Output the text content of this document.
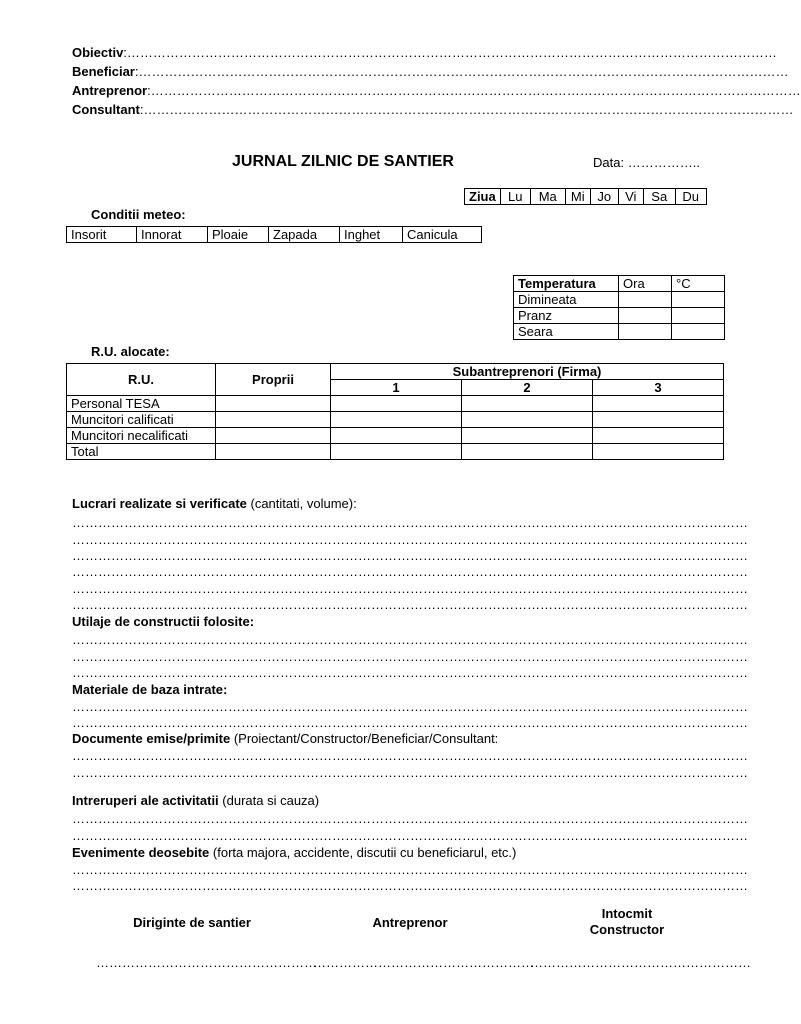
Obiectiv:……………………………………………………………………………………………………………………………………
Beneficiar:……………………………………………………………………………………………………………………………………
Antreprenor:……………………………………………………………………………………………………………………………………
Consultant:……………………………………………………………………………………………………………………………………
JURNAL ZILNIC DE SANTIER	Data: ……………..
Ziua	Lu	Ma	Mi	Jo	Vi	Sa	Du
Conditii meteo:
Insorit	Innorat	Ploaie	Zapada	Inghet	Canicula
Temperatura	Ora	°C
Dimineata		
Pranz		
Seara		
R.U. alocate:
R.U.	Proprii	Subantreprenori (Firma)		
		1	2	3
Personal TESA				
Muncitori calificati				
Muncitori necalificati				
Total				
Lucrari realizate si verificate (cantitati, volume):
…………………………………………………………………………………………………………………………………………
…………………………………………………………………………………………………………………………………………
…………………………………………………………………………………………………………………………………………
…………………………………………………………………………………………………………………………………………
…………………………………………………………………………………………………………………………………………
…………………………………………………………………………………………………………………………………………
Utilaje de constructii folosite:
…………………………………………………………………………………………………………………………………………
…………………………………………………………………………………………………………………………………………
…………………………………………………………………………………………………………………………………………
Materiale de baza intrate:
…………………………………………………………………………………………………………………………………………
…………………………………………………………………………………………………………………………………………
Documente emise/primite (Proiectant/Constructor/Beneficiar/Consultant:
…………………………………………………………………………………………………………………………………………
…………………………………………………………………………………………………………………………………………
Intreruperi ale activitatii (durata si cauza)
…………………………………………………………………………………………………………………………………………
…………………………………………………………………………………………………………………………………………
Evenimente deosebite (forta majora, accidente, discutii cu beneficiarul, etc.)
…………………………………………………………………………………………………………………………………………
…………………………………………………………………………………………………………………………………………
Diriginte de santier	Antreprenor
Intocmit
Constructor
……………………………………………
……………………………………………
……………………………………………
